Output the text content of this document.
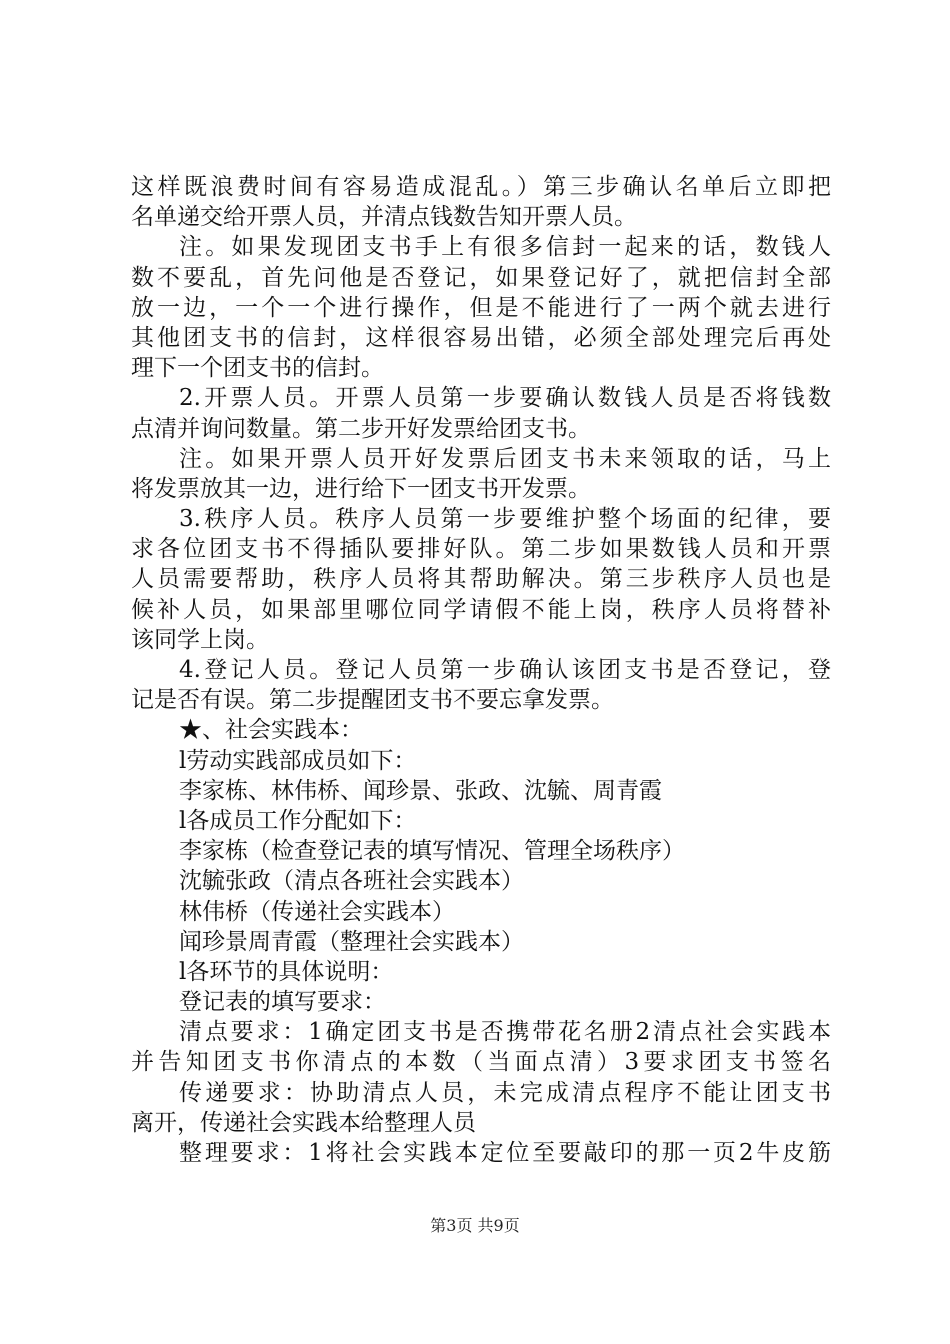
这样既浪费时间有容易造成混乱。）第三步确认名单后立即把
名单递交给开票人员，并清点钱数告知开票人员。
注。如果发现团支书手上有很多信封一起来的话，数钱人
数不要乱，首先问他是否登记，如果登记好了，就把信封全部
放一边，一个一个进行操作，但是不能进行了一两个就去进行
其他团支书的信封，这样很容易出错，必须全部处理完后再处
理下一个团支书的信封。
2.开票人员。开票人员第一步要确认数钱人员是否将钱数
点清并询问数量。第二步开好发票给团支书。
注。如果开票人员开好发票后团支书未来领取的话，马上
将发票放其一边，进行给下一团支书开发票。
3.秩序人员。秩序人员第一步要维护整个场面的纪律，要
求各位团支书不得插队要排好队。第二步如果数钱人员和开票
人员需要帮助，秩序人员将其帮助解决。第三步秩序人员也是
候补人员，如果部里哪位同学请假不能上岗，秩序人员将替补
该同学上岗。
4.登记人员。登记人员第一步确认该团支书是否登记，登
记是否有误。第二步提醒团支书不要忘拿发票。
★、社会实践本：
l劳动实践部成员如下：
李家栋、林伟桥、闻珍景、张政、沈毓、周青霞
l各成员工作分配如下：
李家栋（检查登记表的填写情况、管理全场秩序）
沈毓张政（清点各班社会实践本）
林伟桥（传递社会实践本）
闻珍景周青霞（整理社会实践本）
l各环节的具体说明：
登记表的填写要求：
清点要求：1确定团支书是否携带花名册2清点社会实践本
并告知团支书你清点的本数（当面点清）3要求团支书签名
传递要求：协助清点人员，未完成清点程序不能让团支书
离开，传递社会实践本给整理人员
整理要求：1将社会实践本定位至要敲印的那一页2牛皮筋
第3页 共9页
